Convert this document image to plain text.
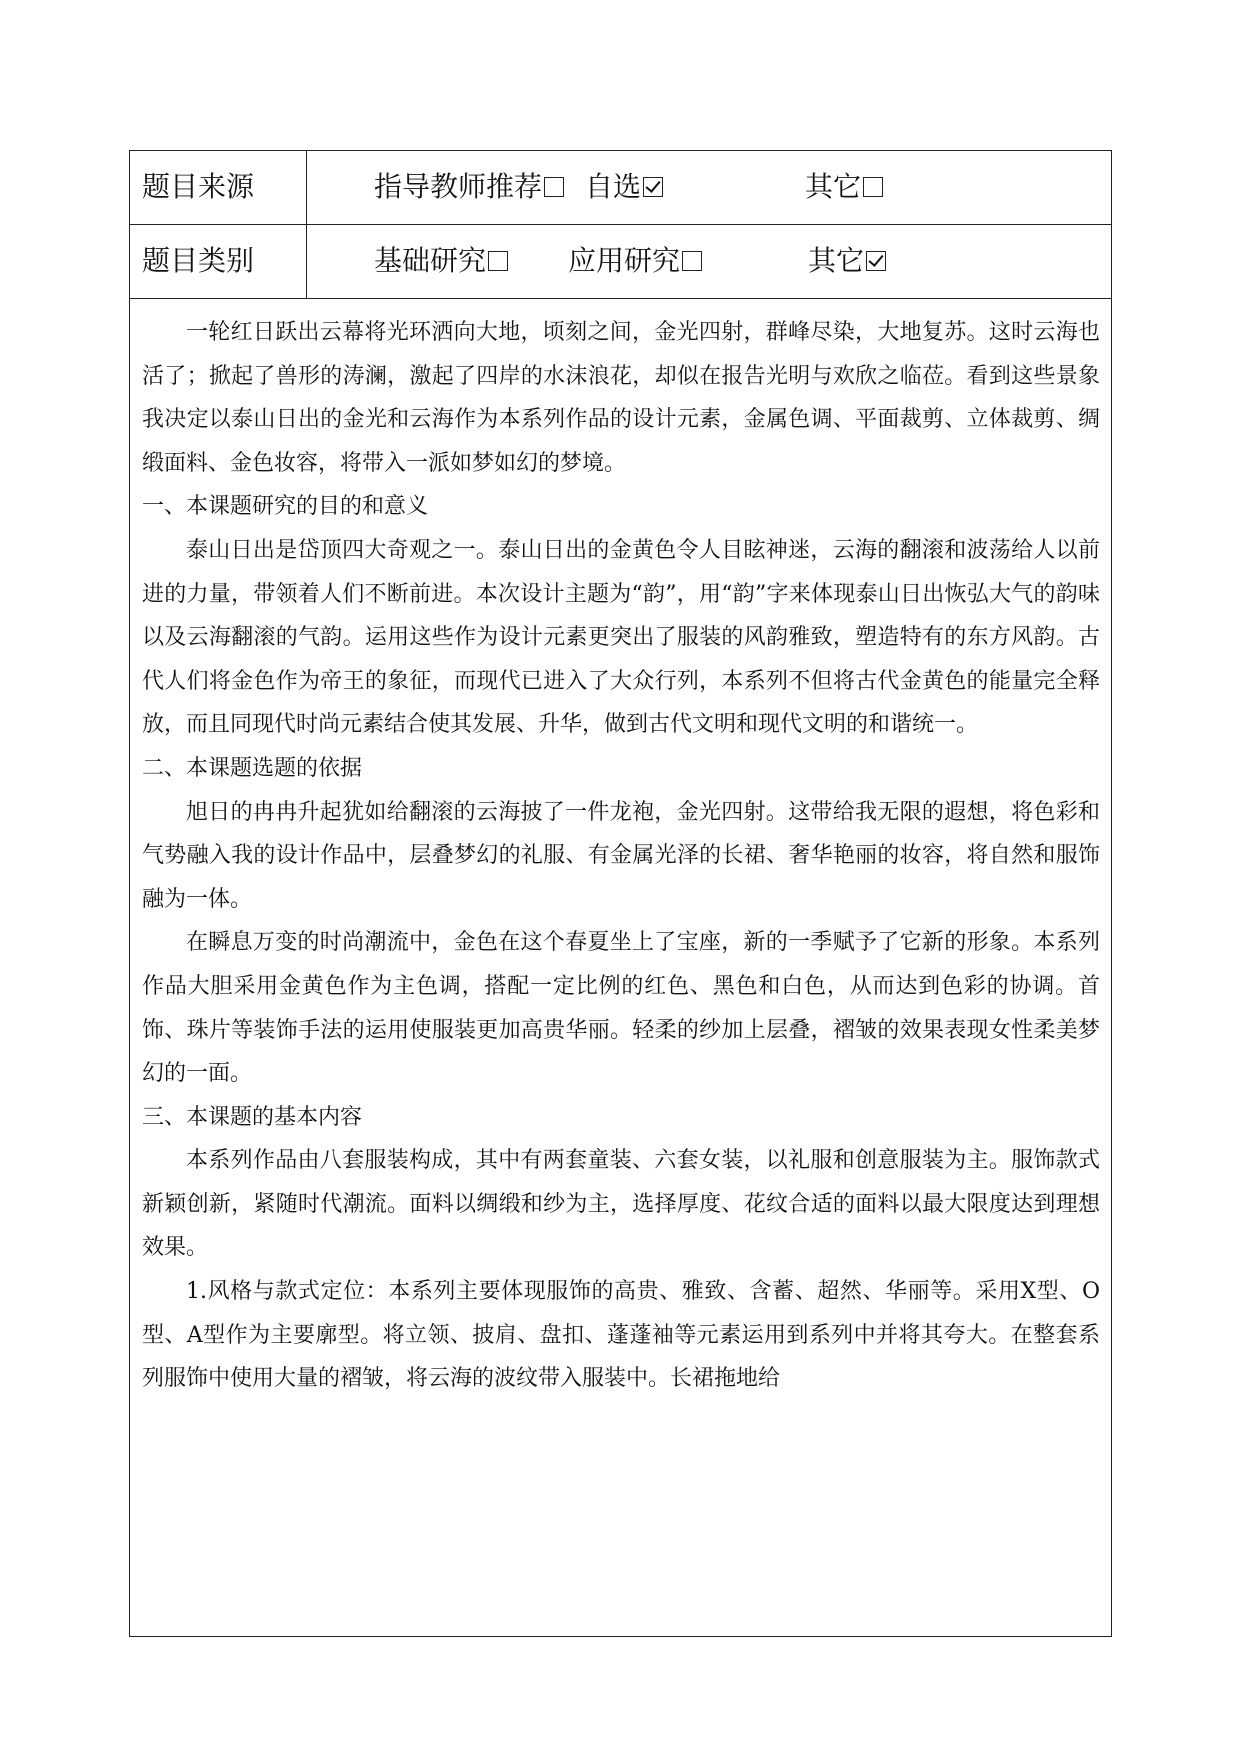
题目来源	指导教师推荐	自选	其它
题目类别	基础研究	应用研究	其它

一轮红日跃出云幕将光环洒向大地，顷刻之间，金光四射，群峰尽染，大地复苏。这时云海也活了；掀起了兽形的涛澜，激起了四岸的水沫浪花，却似在报告光明与欢欣之临莅。看到这些景象我决定以泰山日出的金光和云海作为本系列作品的设计元素，金属色调、平面裁剪、立体裁剪、绸缎面料、金色妆容，将带入一派如梦如幻的梦境。

一、本课题研究的目的和意义

泰山日出是岱顶四大奇观之一。泰山日出的金黄色令人目眩神迷，云海的翻滚和波荡给人以前进的力量，带领着人们不断前进。本次设计主题为“韵”，用“韵”字来体现泰山日出恢弘大气的韵味以及云海翻滚的气韵。运用这些作为设计元素更突出了服装的风韵雅致，塑造特有的东方风韵。古代人们将金色作为帝王的象征，而现代已进入了大众行列，本系列不但将古代金黄色的能量完全释放，而且同现代时尚元素结合使其发展、升华，做到古代文明和现代文明的和谐统一。

二、本课题选题的依据

旭日的冉冉升起犹如给翻滚的云海披了一件龙袍，金光四射。这带给我无限的遐想，将色彩和气势融入我的设计作品中，层叠梦幻的礼服、有金属光泽的长裙、奢华艳丽的妆容，将自然和服饰融为一体。

在瞬息万变的时尚潮流中，金色在这个春夏坐上了宝座，新的一季赋予了它新的形象。本系列作品大胆采用金黄色作为主色调，搭配一定比例的红色、黑色和白色，从而达到色彩的协调。首饰、珠片等装饰手法的运用使服装更加高贵华丽。轻柔的纱加上层叠，褶皱的效果表现女性柔美梦幻的一面。

三、本课题的基本内容

本系列作品由八套服装构成，其中有两套童装、六套女装，以礼服和创意服装为主。服饰款式新颖创新，紧随时代潮流。面料以绸缎和纱为主，选择厚度、花纹合适的面料以最大限度达到理想效果。

1.风格与款式定位：本系列主要体现服饰的高贵、雅致、含蓄、超然、华丽等。采用X型、O型、A型作为主要廓型。将立领、披肩、盘扣、蓬蓬袖等元素运用到系列中并将其夸大。在整套系列服饰中使用大量的褶皱，将云海的波纹带入服装中。长裙拖地给
